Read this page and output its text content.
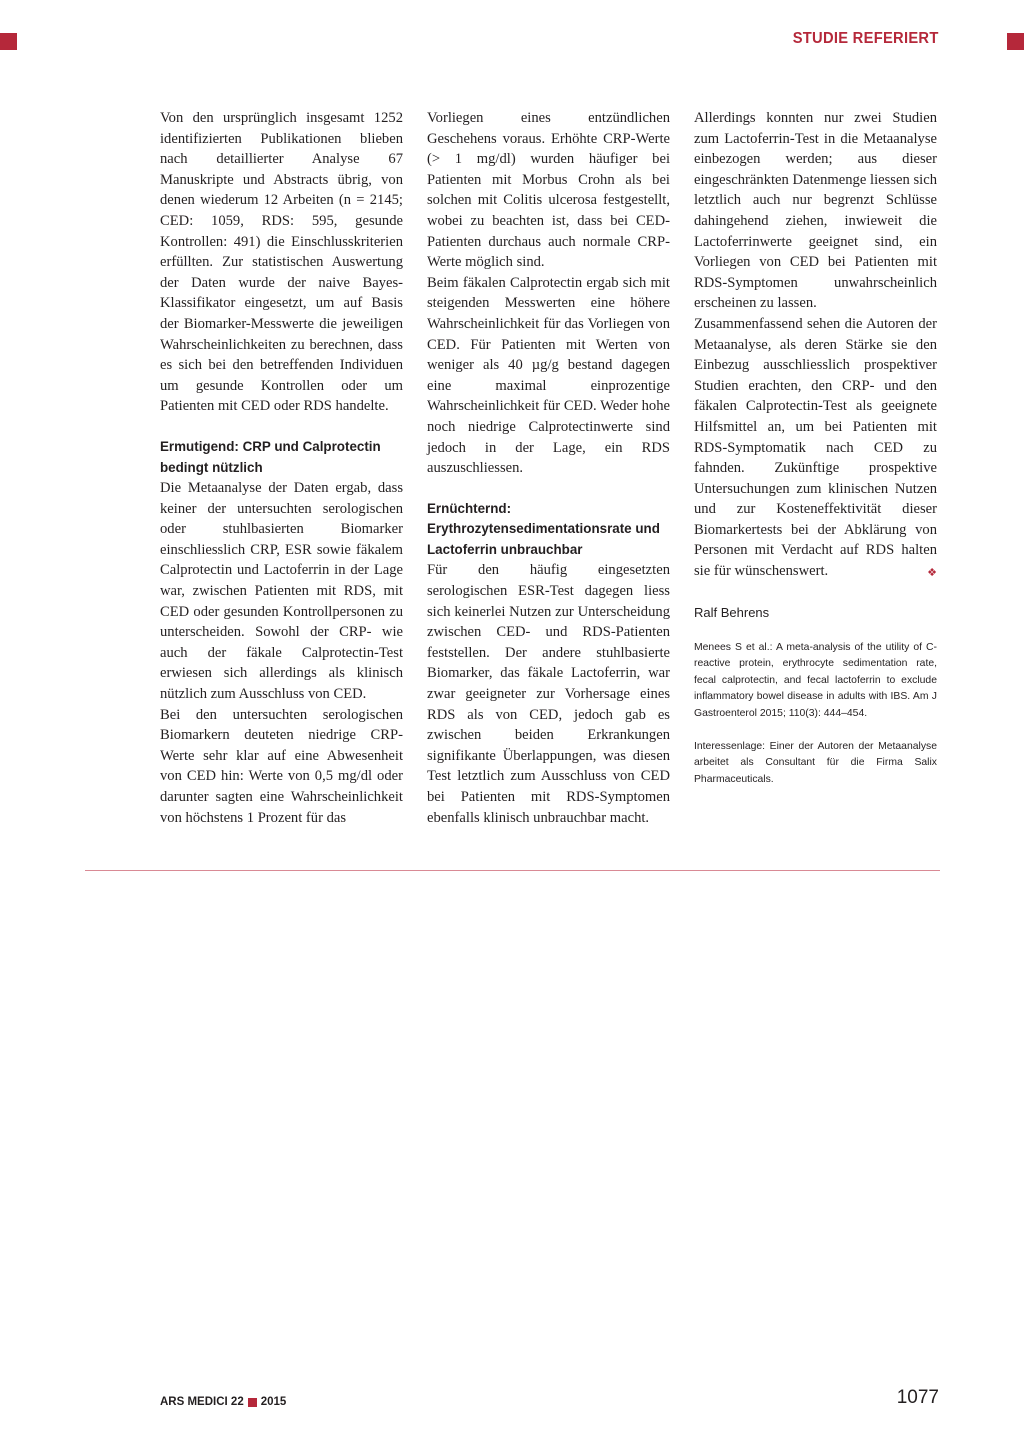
STUDIE REFERIERT

Von den ursprünglich insgesamt 1252 identifizierten Publikationen blieben nach detaillierter Analyse 67 Manuskripte und Abstracts übrig, von denen wiederum 12 Arbeiten (n = 2145; CED: 1059, RDS: 595, gesunde Kontrollen: 491) die Einschlusskriterien erfüllten. Zur statistischen Auswertung der Daten wurde der naive Bayes-Klassifikator eingesetzt, um auf Basis der Biomarker-Messwerte die jeweiligen Wahrscheinlichkeiten zu berechnen, dass es sich bei den betreffenden Individuen um gesunde Kontrollen oder um Patienten mit CED oder RDS handelte.

Ermutigend: CRP und Calprotectin bedingt nützlich

Die Metaanalyse der Daten ergab, dass keiner der untersuchten serologischen oder stuhlbasierten Biomarker einschliesslich CRP, ESR sowie fäkalem Calprotectin und Lactoferrin in der Lage war, zwischen Patienten mit RDS, mit CED oder gesunden Kontrollpersonen zu unterscheiden. Sowohl der CRP- wie auch der fäkale Calprotectin-Test erwiesen sich allerdings als klinisch nützlich zum Ausschluss von CED.

Bei den untersuchten serologischen Biomarkern deuteten niedrige CRP-Werte sehr klar auf eine Abwesenheit von CED hin: Werte von 0,5 mg/dl oder darunter sagten eine Wahrscheinlichkeit von höchstens 1 Prozent für das

Vorliegen eines entzündlichen Geschehens voraus. Erhöhte CRP-Werte (> 1 mg/dl) wurden häufiger bei Patienten mit Morbus Crohn als bei solchen mit Colitis ulcerosa festgestellt, wobei zu beachten ist, dass bei CED-Patienten durchaus auch normale CRP-Werte möglich sind.

Beim fäkalen Calprotectin ergab sich mit steigenden Messwerten eine höhere Wahrscheinlichkeit für das Vorliegen von CED. Für Patienten mit Werten von weniger als 40 µg/g bestand dagegen eine maximal einprozentige Wahrscheinlichkeit für CED. Weder hohe noch niedrige Calprotectinwerte sind jedoch in der Lage, ein RDS auszuschliessen.

Ernüchternd: Erythrozytensedimentationsrate und Lactoferrin unbrauchbar

Für den häufig eingesetzten serologischen ESR-Test dagegen liess sich keinerlei Nutzen zur Unterscheidung zwischen CED- und RDS-Patienten feststellen. Der andere stuhlbasierte Biomarker, das fäkale Lactoferrin, war zwar geeigneter zur Vorhersage eines RDS als von CED, jedoch gab es zwischen beiden Erkrankungen signifikante Überlappungen, was diesen Test letztlich zum Ausschluss von CED bei Patienten mit RDS-Symptomen ebenfalls klinisch unbrauchbar macht.

Allerdings konnten nur zwei Studien zum Lactoferrin-Test in die Metaanalyse einbezogen werden; aus dieser eingeschränkten Datenmenge liessen sich letztlich auch nur begrenzt Schlüsse dahingehend ziehen, inwieweit die Lactoferrinwerte geeignet sind, ein Vorliegen von CED bei Patienten mit RDS-Symptomen unwahrscheinlich erscheinen zu lassen.

Zusammenfassend sehen die Autoren der Metaanalyse, als deren Stärke sie den Einbezug ausschliesslich prospektiver Studien erachten, den CRP- und den fäkalen Calprotectin-Test als geeignete Hilfsmittel an, um bei Patienten mit RDS-Symptomatik nach CED zu fahnden. Zukünftige prospektive Untersuchungen zum klinischen Nutzen und zur Kosteneffektivität dieser Biomarkertests bei der Abklärung von Personen mit Verdacht auf RDS halten sie für wünschenswert.	❖

Ralf Behrens

Menees S et al.: A meta-analysis of the utility of C-reactive protein, erythrocyte sedimentation rate, fecal calprotectin, and fecal lactoferrin to exclude inflammatory bowel disease in adults with IBS. Am J Gastroenterol 2015; 110(3): 444–454.

Interessenlage: Einer der Autoren der Metaanalyse arbeitet als Consultant für die Firma Salix Pharmaceuticals.

ARS MEDICI 22 2015	1077
